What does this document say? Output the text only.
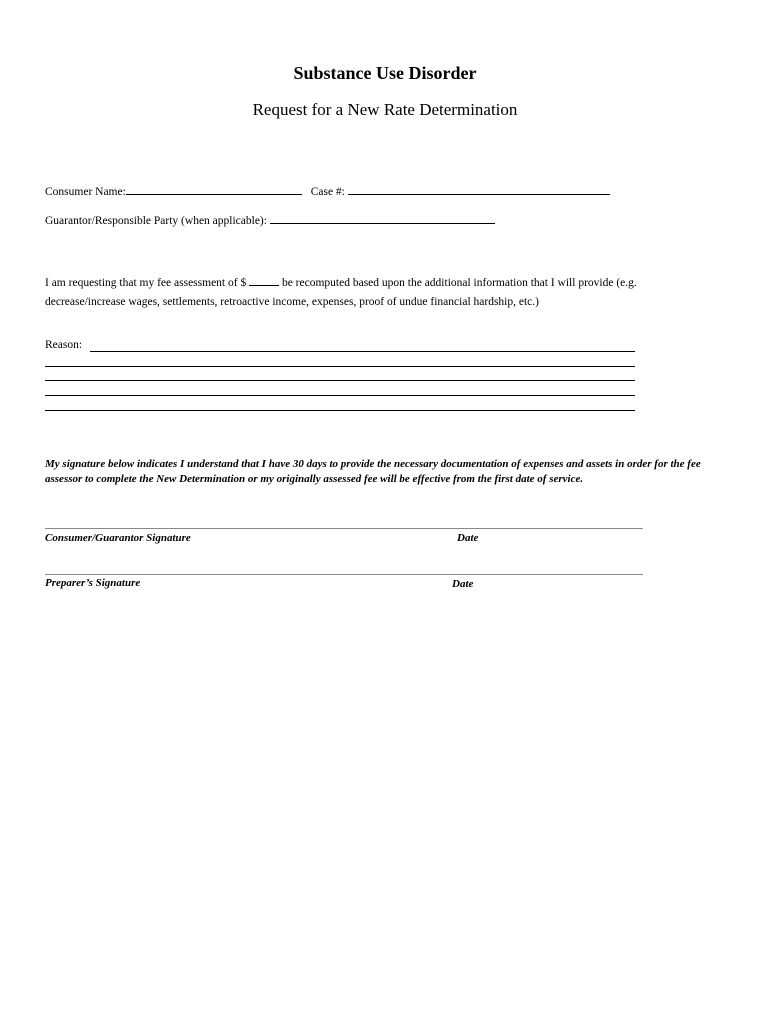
Substance Use Disorder
Request for a New Rate Determination
Consumer Name:	Case #:
Guarantor/Responsible Party (when applicable):
I am requesting that my fee assessment of $	be recomputed based upon the additional information that I will provide (e.g.
decrease/increase wages, settlements, retroactive income, expenses, proof of undue financial hardship, etc.)
Reason:
My signature below indicates I understand that I have 30 days to provide the necessary documentation of expenses and assets in order for the fee assessor to complete the New Determination or my originally assessed fee will be effective from the first date of service.
Consumer/Guarantor Signature	Date
Preparer’s Signature	Date
